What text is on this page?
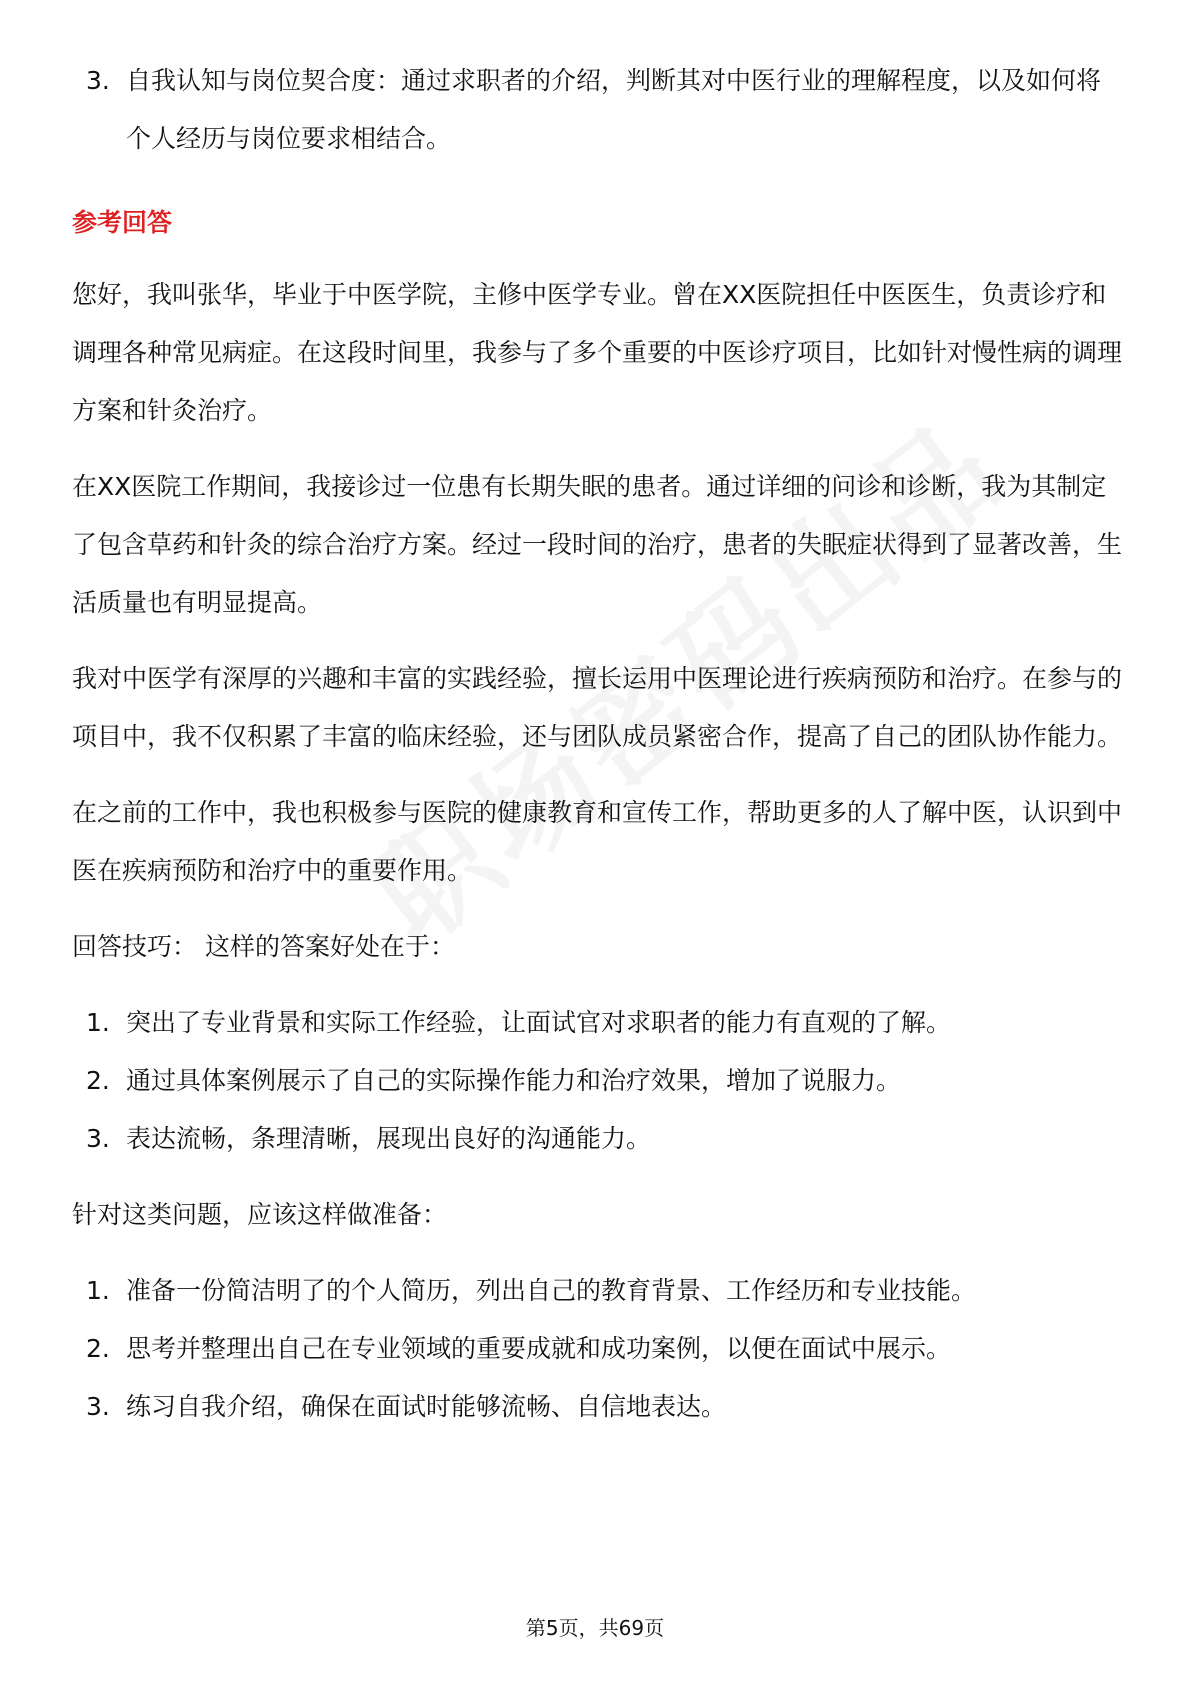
3. 自我认知与岗位契合度：通过求职者的介绍，判断其对中医行业的理解程度，以及如何将个人经历与岗位要求相结合。
参考回答

您好，我叫张华，毕业于中医学院，主修中医学专业。曾在XX医院担任中医医生，负责诊疗和调理各种常见病症。在这段时间里，我参与了多个重要的中医诊疗项目，比如针对慢性病的调理方案和针灸治疗。

在XX医院工作期间，我接诊过一位患有长期失眠的患者。通过详细的问诊和诊断，我为其制定了包含草药和针灸的综合治疗方案。经过一段时间的治疗，患者的失眠症状得到了显著改善，生活质量也有明显提高。

我对中医学有深厚的兴趣和丰富的实践经验，擅长运用中医理论进行疾病预防和治疗。在参与的项目中，我不仅积累了丰富的临床经验，还与团队成员紧密合作，提高了自己的团队协作能力。

在之前的工作中，我也积极参与医院的健康教育和宣传工作，帮助更多的人了解中医，认识到中医在疾病预防和治疗中的重要作用。

回答技巧： 这样的答案好处在于：

1. 突出了专业背景和实际工作经验，让面试官对求职者的能力有直观的了解。
2. 通过具体案例展示了自己的实际操作能力和治疗效果，增加了说服力。
3. 表达流畅，条理清晰，展现出良好的沟通能力。

针对这类问题，应该这样做准备：

1. 准备一份简洁明了的个人简历，列出自己的教育背景、工作经历和专业技能。
2. 思考并整理出自己在专业领域的重要成就和成功案例，以便在面试中展示。
3. 练习自我介绍，确保在面试时能够流畅、自信地表达。
第5页，共69页
